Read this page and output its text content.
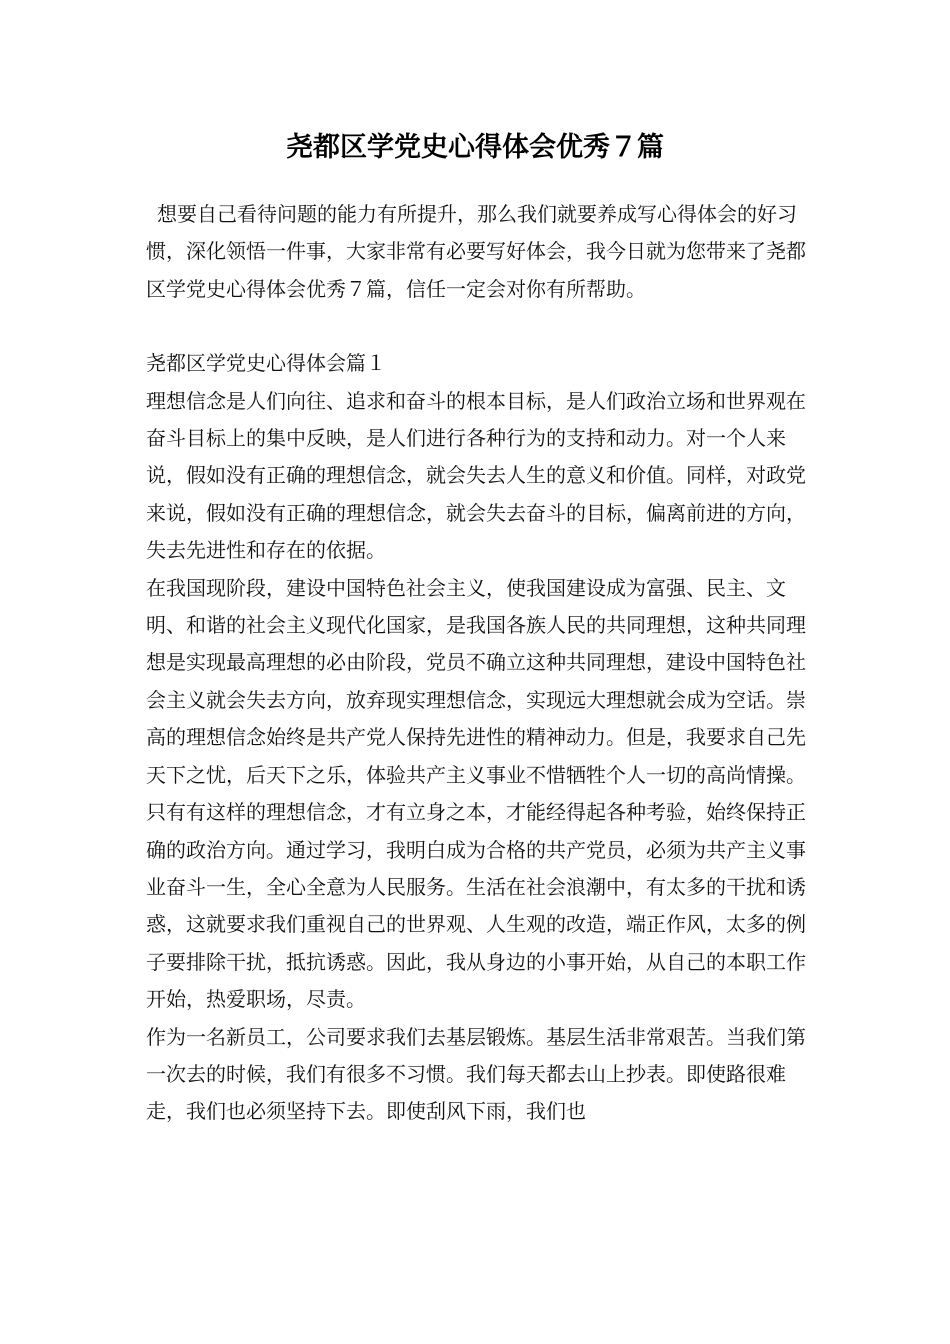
尧都区学党史心得体会优秀７篇

想要自己看待问题的能力有所提升，那么我们就要养成写心得体会的好习惯，深化领悟一件事，大家非常有必要写好体会，我今日就为您带来了尧都区学党史心得体会优秀７篇，信任一定会对你有所帮助。

尧都区学党史心得体会篇１

理想信念是人们向往、追求和奋斗的根本目标，是人们政治立场和世界观在奋斗目标上的集中反映，是人们进行各种行为的支持和动力。对一个人来说，假如没有正确的理想信念，就会失去人生的意义和价值。同样，对政党来说，假如没有正确的理想信念，就会失去奋斗的目标，偏离前进的方向，失去先进性和存在的依据。

在我国现阶段，建设中国特色社会主义，使我国建设成为富强、民主、文明、和谐的社会主义现代化国家，是我国各族人民的共同理想，这种共同理想是实现最高理想的必由阶段，党员不确立这种共同理想，建设中国特色社会主义就会失去方向，放弃现实理想信念，实现远大理想就会成为空话。崇高的理想信念始终是共产党人保持先进性的精神动力。但是，我要求自己先天下之忧，后天下之乐，体验共产主义事业不惜牺牲个人一切的高尚情操。只有有这样的理想信念，才有立身之本，才能经得起各种考验，始终保持正确的政治方向。通过学习，我明白成为合格的共产党员，必须为共产主义事业奋斗一生，全心全意为人民服务。生活在社会浪潮中，有太多的干扰和诱惑，这就要求我们重视自己的世界观、人生观的改造，端正作风，太多的例子要排除干扰，抵抗诱惑。因此，我从身边的小事开始，从自己的本职工作开始，热爱职场，尽责。

作为一名新员工，公司要求我们去基层锻炼。基层生活非常艰苦。当我们第一次去的时候，我们有很多不习惯。我们每天都去山上抄表。即使路很难走，我们也必须坚持下去。即使刮风下雨，我们也
